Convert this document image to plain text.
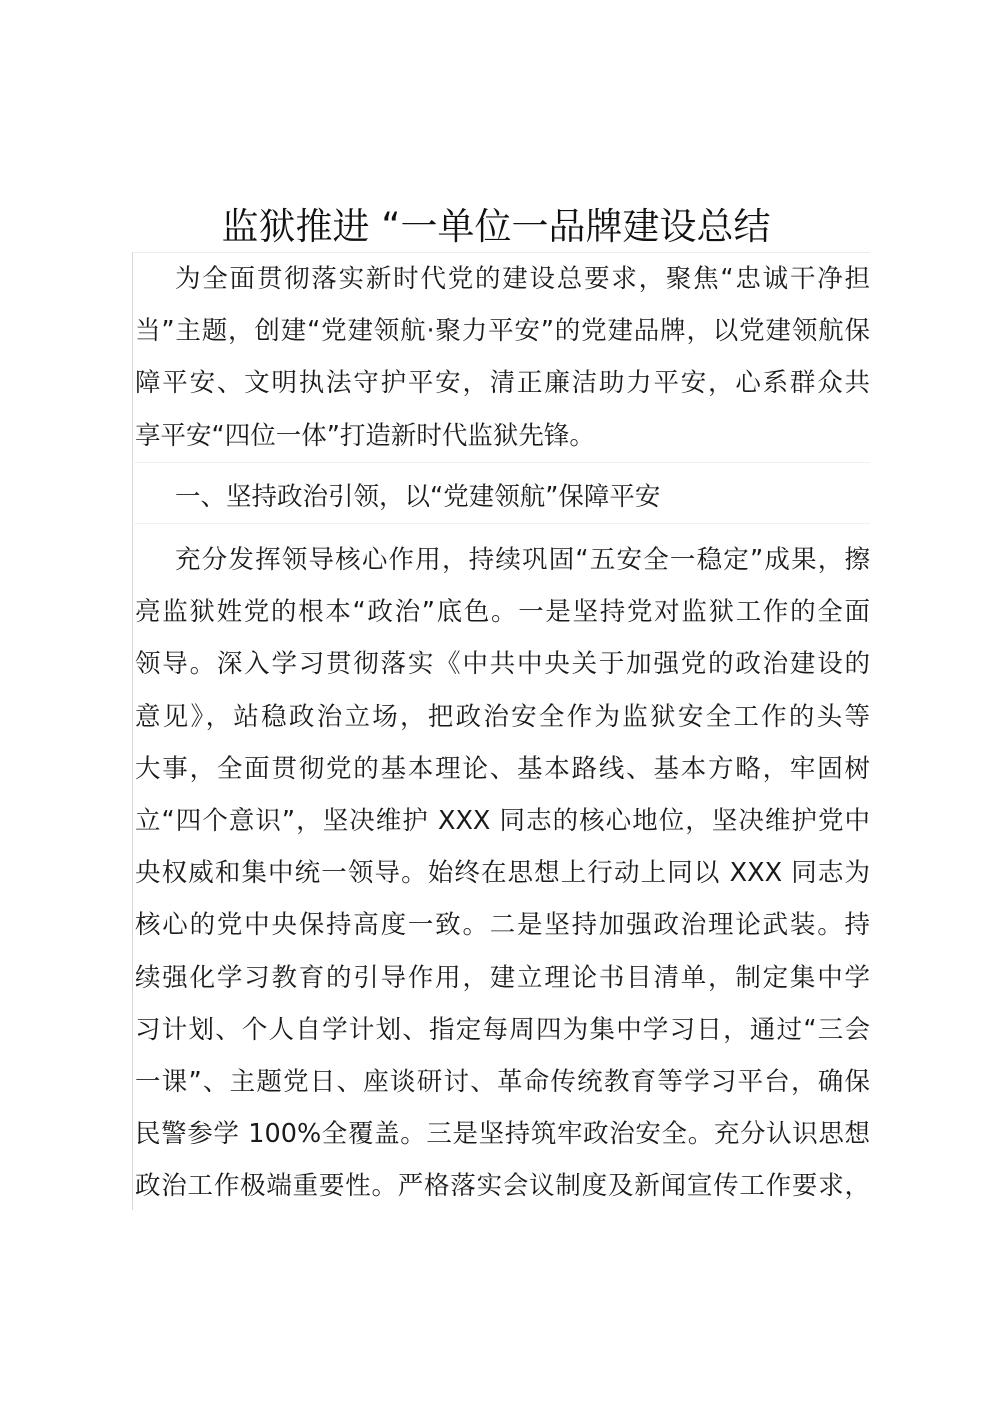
监狱推进 “一单位一品牌建设总结
为全面贯彻落实新时代党的建设总要求，聚焦“忠诚干净担
当”主题，创建“党建领航·聚力平安”的党建品牌，以党建领航保
障平安、文明执法守护平安，清正廉洁助力平安，心系群众共
享平安“四位一体”打造新时代监狱先锋。
一、坚持政治引领，以“党建领航”保障平安
充分发挥领导核心作用，持续巩固“五安全一稳定”成果，擦
亮监狱姓党的根本“政治”底色。一是坚持党对监狱工作的全面
领导。深入学习贯彻落实《中共中央关于加强党的政治建设的
意见》，站稳政治立场，把政治安全作为监狱安全工作的头等
大事，全面贯彻党的基本理论、基本路线、基本方略，牢固树
立“四个意识”，坚决维护 XXX 同志的核心地位，坚决维护党中
央权威和集中统一领导。始终在思想上行动上同以 XXX 同志为
核心的党中央保持高度一致。二是坚持加强政治理论武装。持
续强化学习教育的引导作用，建立理论书目清单，制定集中学
习计划、个人自学计划、指定每周四为集中学习日，通过“三会
一课”、主题党日、座谈研讨、革命传统教育等学习平台，确保
民警参学 100%全覆盖。三是坚持筑牢政治安全。充分认识思想
政治工作极端重要性。严格落实会议制度及新闻宣传工作要求，
